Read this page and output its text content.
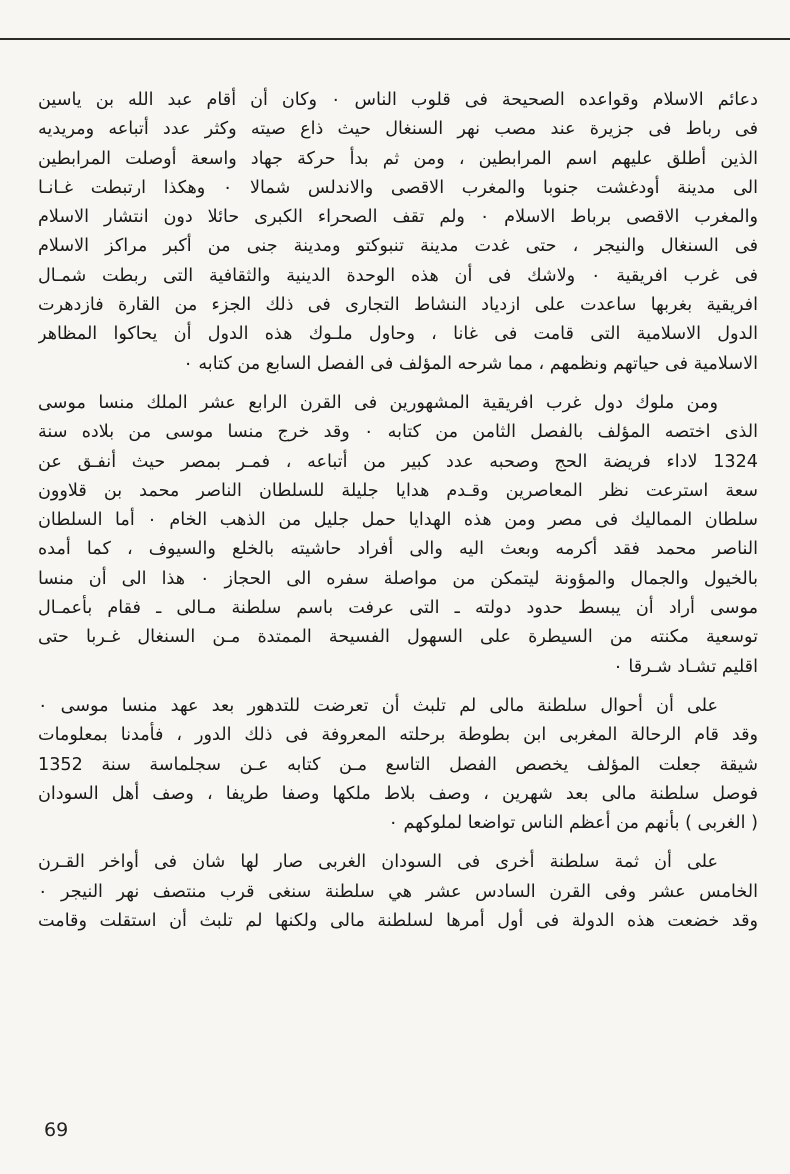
دعائم الاسلام وقواعده الصحيحة فى قلوب الناس ٠ وكان أن أقام عبد الله بن ياسين
فى رباط فى جزيرة عند مصب نهر السنغال حيث ذاع صيته وكثر عدد أتباعه ومريديه
الذين أطلق عليهم اسم المرابطين ، ومن ثم بدأ حركة جهاد واسعة أوصلت المرابطين
الى مدينة أودغشت جنوبا والمغرب الاقصى والاندلس شمالا ٠ وهكذا ارتبطت غـانـا
والمغرب الاقصى برباط الاسلام ٠ ولم تقف الصحراء الكبرى حائلا دون انتشار الاسلام
فى السنغال والنيجر ، حتى غدت مدينة تنبوكتو ومدينة جنى من أكبر مراكز الاسلام
فى غرب افريقية ٠ ولاشك فى أن هذه الوحدة الدينية والثقافية التى ربطت شمـال
افريقية بغربها ساعدت على ازدياد النشاط التجارى فى ذلك الجزء من القارة فازدهرت
الدول الاسلامية التى قامت فى غانا ، وحاول ملـوك هذه الدول أن يحاكوا المظاهر
الاسلامية فى حياتهم ونظمهم ، مما شرحه المؤلف فى الفصل السابع من كتابه ٠
ومن ملوك دول غرب افريقية المشهورين فى القرن الرابع عشر الملك منسا موسى
الذى اختصه المؤلف بالفصل الثامن من كتابه ٠ وقد خرج منسا موسى من بلاده سنة
1324 لاداء فريضة الحج وصحبه عدد كبير من أتباعه ، فمـر بمصر حيث أنفـق عن
سعة استرعت نظر المعاصرين وقـدم هدايا جليلة للسلطان الناصر محمد بن قلاوون
سلطان المماليك فى مصر ومن هذه الهدايا حمل جليل من الذهب الخام ٠ أما السلطان
الناصر محمد فقد أكرمه وبعث اليه والى أفراد حاشيته بالخلع والسيوف ، كما أمده
بالخيول والجمال والمؤونة ليتمكن من مواصلة سفره الى الحجاز ٠ هذا الى أن منسا
موسى أراد أن يبسط حدود دولته ـ التى عرفت باسم سلطنة مـالى ـ فقام بأعمـال
توسعية مكنته من السيطرة على السهول الفسيحة الممتدة مـن السنغال غـربا حتى
اقليم تشـاد شـرقا ٠
على أن أحوال سلطنة مالى لم تلبث أن تعرضت للتدهور بعد عهد منسا موسى ٠
وقد قام الرحالة المغربى ابن بطوطة برحلته المعروفة فى ذلك الدور ، فأمدنا بمعلومات
شيقة جعلت المؤلف يخصص الفصل التاسع مـن كتابه عـن سجلماسة سنة 1352
فوصل سلطنة مالى بعد شهرين ، وصف بلاط ملكها وصفا طريفا ، وصف أهل السودان
( الغربى ) بأنهم من أعظم الناس تواضعا لملوكهم ٠
على أن ثمة سلطنة أخرى فى السودان الغربى صار لها شان فى أواخر القـرن
الخامس عشر وفى القرن السادس عشر هي سلطنة سنغى قرب منتصف نهر النيجر ٠
وقد خضعت هذه الدولة فى أول أمرها لسلطنة مالى ولكنها لم تلبث أن استقلت وقامت
69
